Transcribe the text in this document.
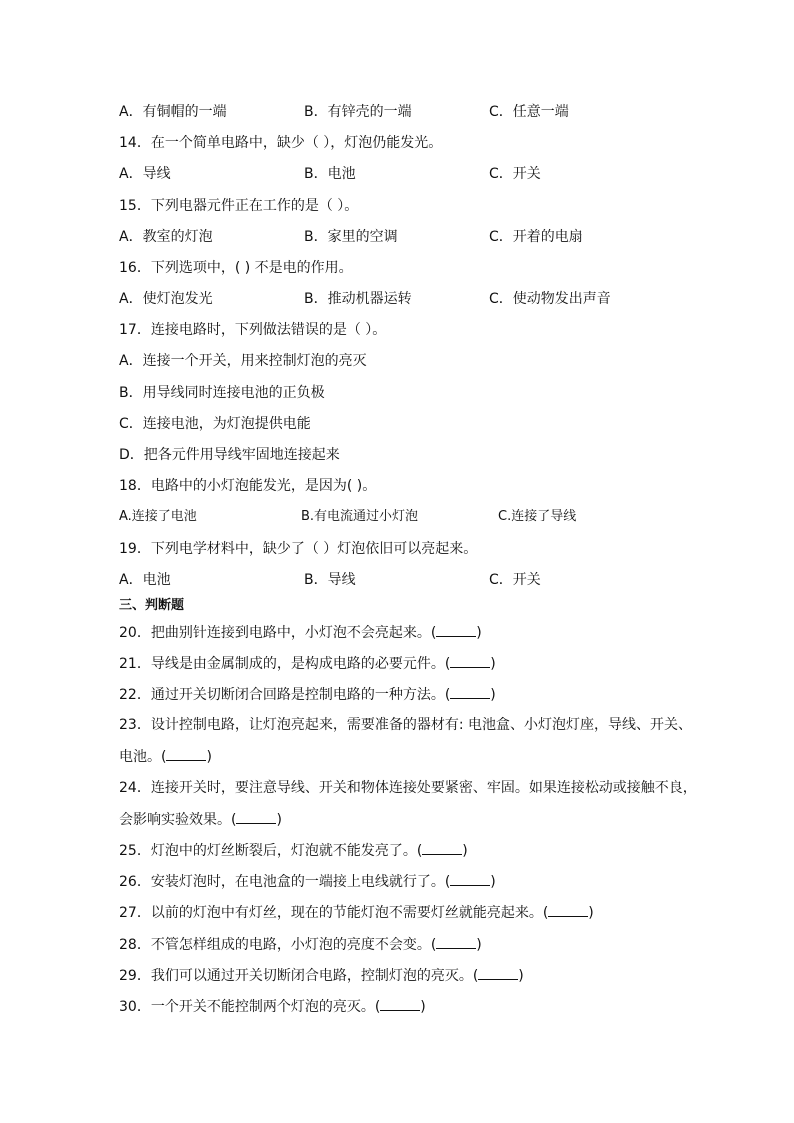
A．有铜帽的一端	B．有锌壳的一端	C．任意一端
14．在一个简单电路中，缺少（ ），灯泡仍能发光。
A．导线	B．电池	C．开关
15．下列电器元件正在工作的是（ ）。
A．教室的灯泡	B．家里的空调	C．开着的电扇
16．下列选项中，( ) 不是电的作用。
A．使灯泡发光	B．推动机器运转	C．使动物发出声音
17．连接电路时，下列做法错误的是（ ）。
A．连接一个开关，用来控制灯泡的亮灭
B．用导线同时连接电池的正负极
C．连接电池，为灯泡提供电能
D．把各元件用导线牢固地连接起来
18．电路中的小灯泡能发光，是因为( )。
A.连接了电池	B.有电流通过小灯泡	C.连接了导线
19．下列电学材料中，缺少了（ ）灯泡依旧可以亮起来。
A．电池	B．导线	C．开关
三、判断题
20．把曲别针连接到电路中，小灯泡不会亮起来。(	)
21．导线是由金属制成的，是构成电路的必要元件。(	)
22．通过开关切断闭合回路是控制电路的一种方法。(	)
23．设计控制电路，让灯泡亮起来，需要准备的器材有: 电池盒、小灯泡灯座，导线、开关、
电池。(	)
24．连接开关时，要注意导线、开关和物体连接处要紧密、牢固。如果连接松动或接触不良，
会影响实验效果。(	)
25．灯泡中的灯丝断裂后，灯泡就不能发亮了。(	)
26．安装灯泡时，在电池盒的一端接上电线就行了。(	)
27．以前的灯泡中有灯丝，现在的节能灯泡不需要灯丝就能亮起来。(	)
28．不管怎样组成的电路，小灯泡的亮度不会变。(	)
29．我们可以通过开关切断闭合电路，控制灯泡的亮灭。(	)
30．一个开关不能控制两个灯泡的亮灭。(	)
